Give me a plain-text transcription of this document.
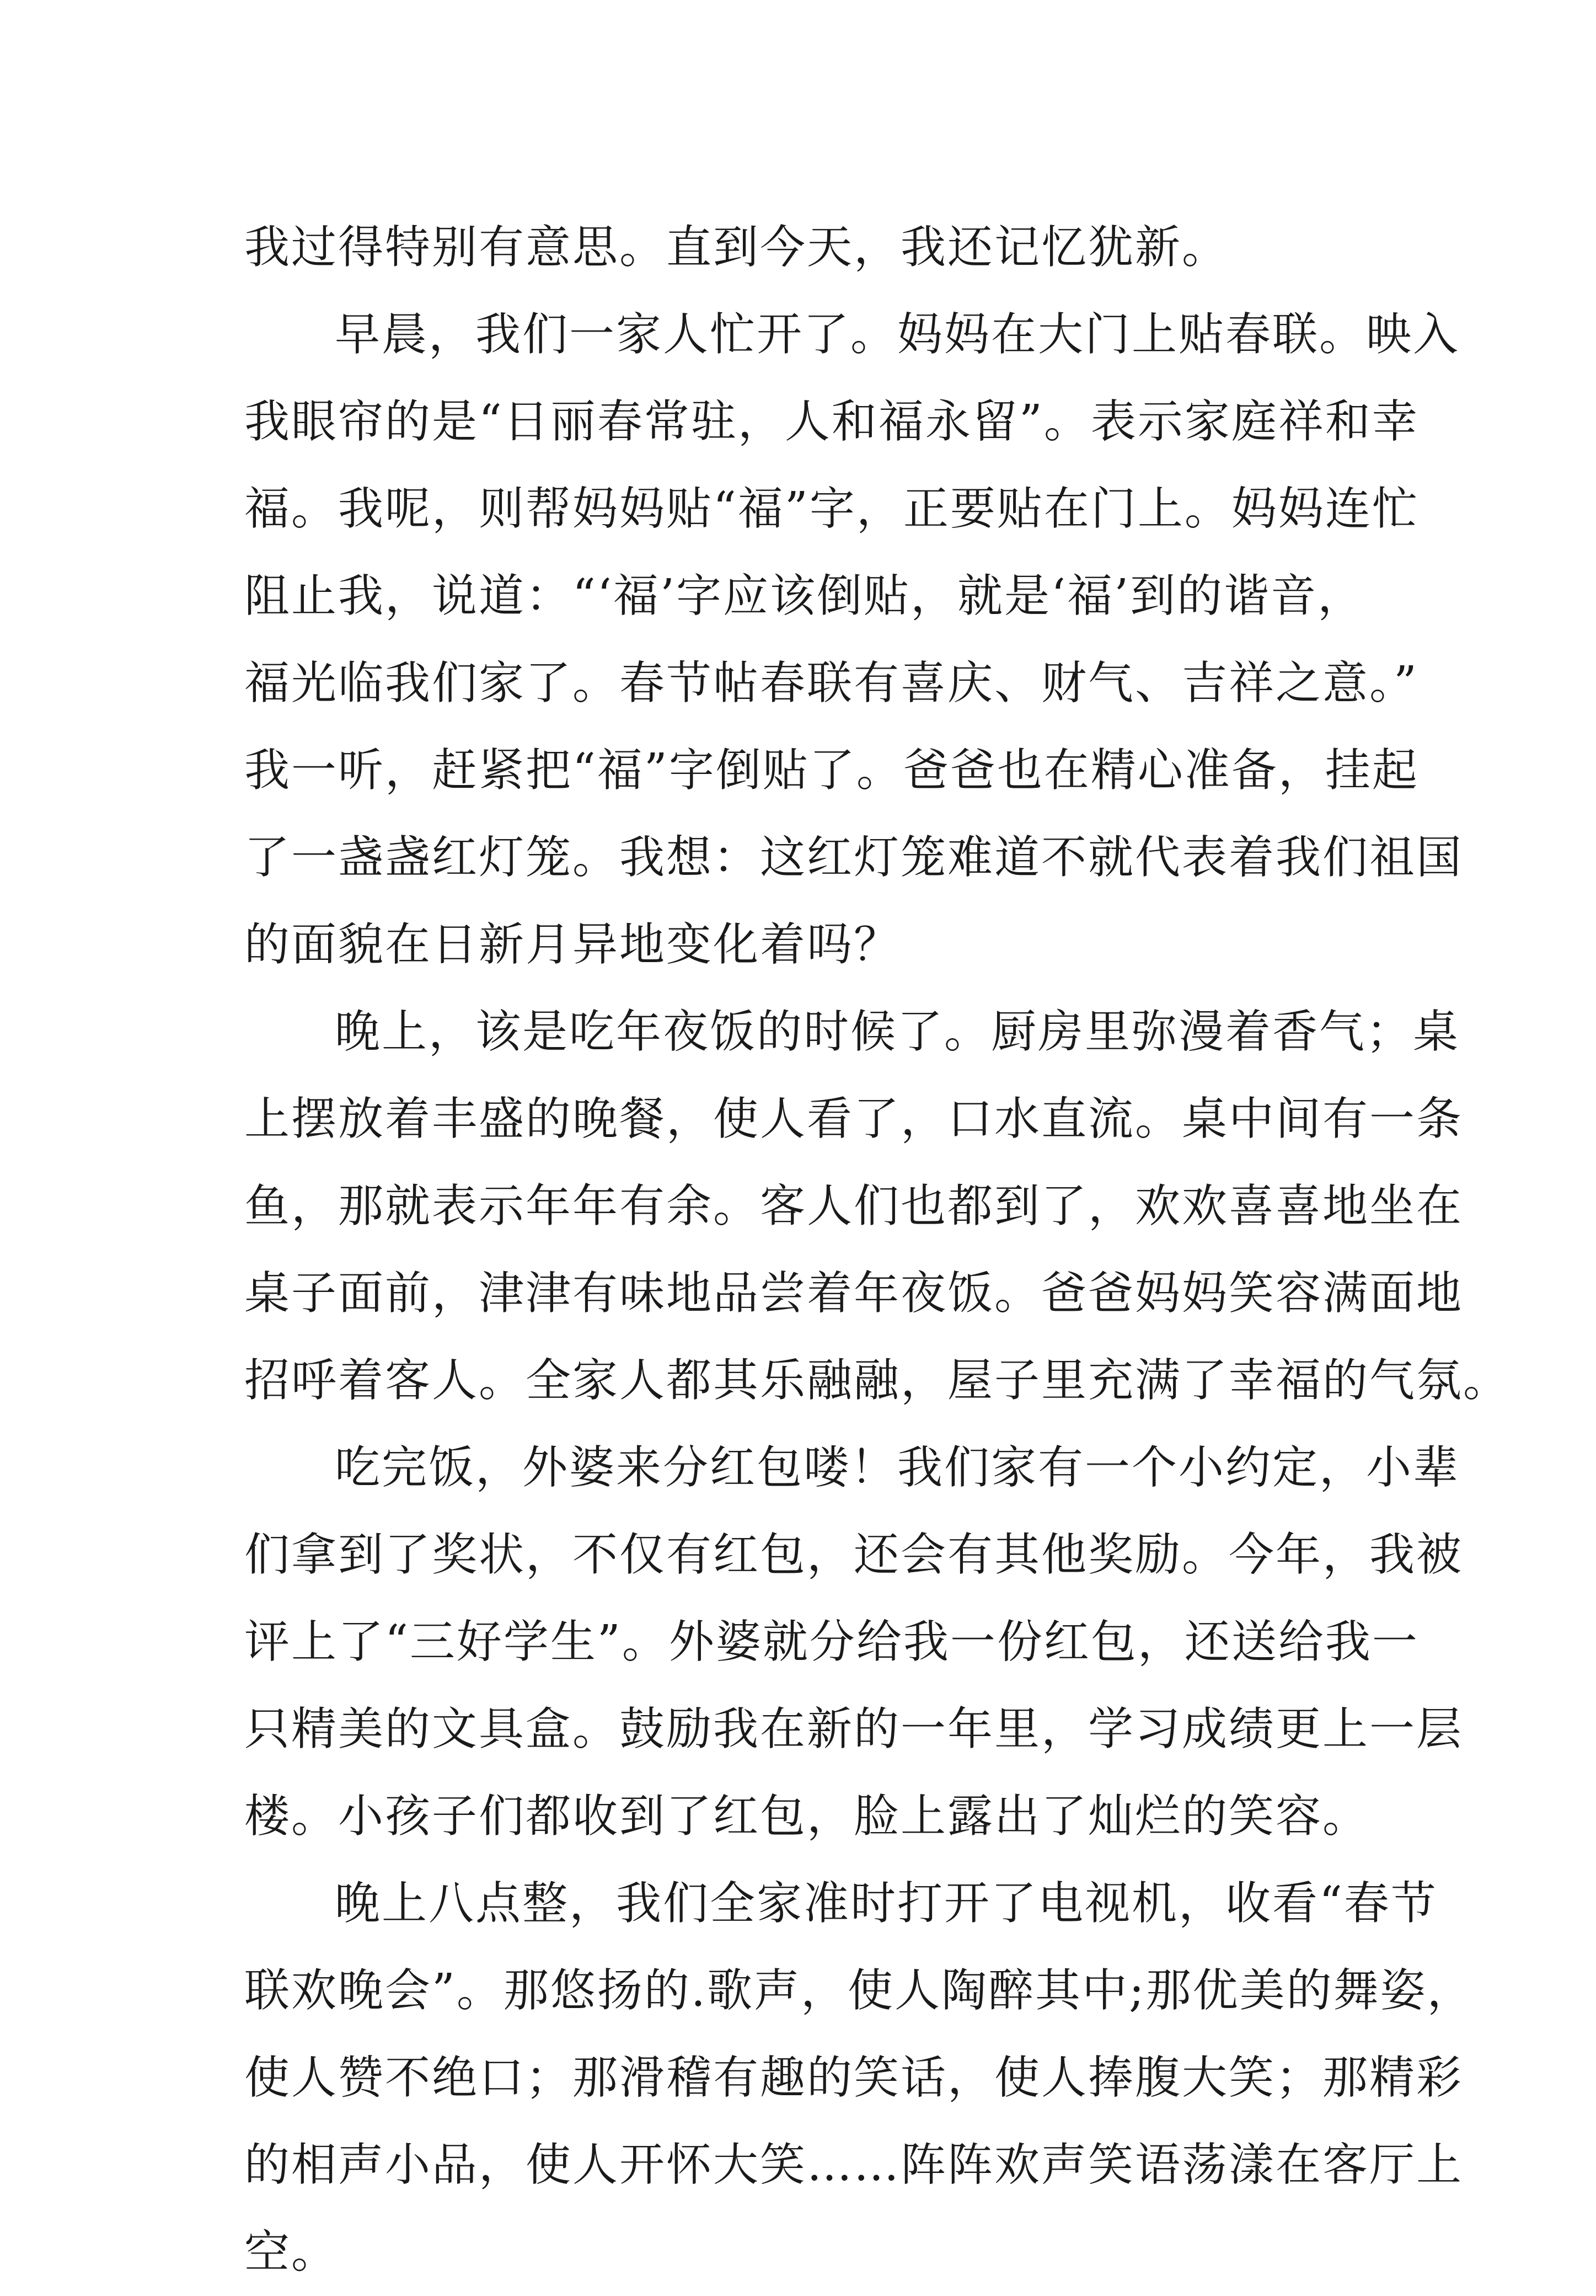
我过得特别有意思。直到今天，我还记忆犹新。
早晨，我们一家人忙开了。妈妈在大门上贴春联。映入
我眼帘的是“日丽春常驻，人和福永留”。表示家庭祥和幸
福。我呢，则帮妈妈贴“福”字，正要贴在门上。妈妈连忙
阻止我，说道：“‘福’字应该倒贴，就是‘福’到的谐音，
福光临我们家了。春节帖春联有喜庆、财气、吉祥之意。”
我一听，赶紧把“福”字倒贴了。爸爸也在精心准备，挂起
了一盏盏红灯笼。我想：这红灯笼难道不就代表着我们祖国
的面貌在日新月异地变化着吗？
晚上，该是吃年夜饭的时候了。厨房里弥漫着香气；桌
上摆放着丰盛的晚餐，使人看了，口水直流。桌中间有一条
鱼，那就表示年年有余。客人们也都到了，欢欢喜喜地坐在
桌子面前，津津有味地品尝着年夜饭。爸爸妈妈笑容满面地
招呼着客人。全家人都其乐融融，屋子里充满了幸福的气氛。
吃完饭，外婆来分红包喽！我们家有一个小约定，小辈
们拿到了奖状，不仅有红包，还会有其他奖励。今年，我被
评上了“三好学生”。外婆就分给我一份红包，还送给我一
只精美的文具盒。鼓励我在新的一年里，学习成绩更上一层
楼。小孩子们都收到了红包，脸上露出了灿烂的笑容。
晚上八点整，我们全家准时打开了电视机，收看“春节
联欢晚会”。那悠扬的.歌声，使人陶醉其中;那优美的舞姿，
使人赞不绝口；那滑稽有趣的笑话，使人捧腹大笑；那精彩
的相声小品，使人开怀大笑……阵阵欢声笑语荡漾在客厅上
空。
